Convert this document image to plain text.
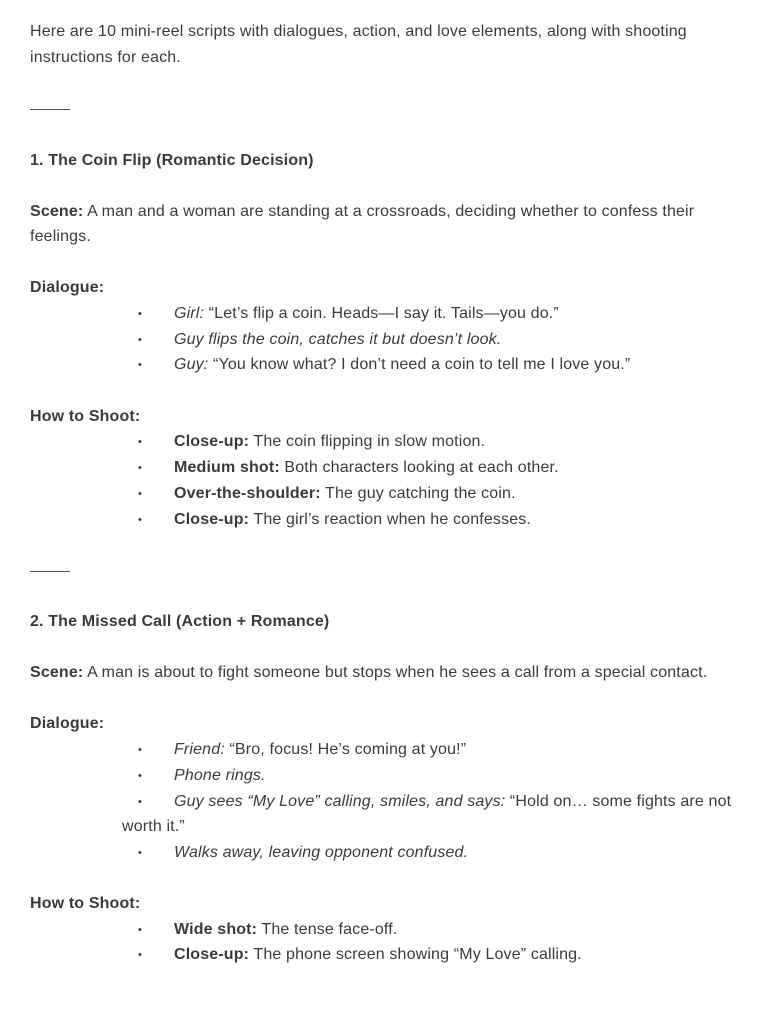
Here are 10 mini-reel scripts with dialogues, action, and love elements, along with shooting
instructions for each.
1. The Coin Flip (Romantic Decision)
Scene: A man and a woman are standing at a crossroads, deciding whether to confess their
feelings.
Dialogue:
• Girl: “Let’s flip a coin. Heads—I say it. Tails—you do.”
• Guy flips the coin, catches it but doesn’t look.
• Guy: “You know what? I don’t need a coin to tell me I love you.”
How to Shoot:
• Close-up: The coin flipping in slow motion.
• Medium shot: Both characters looking at each other.
• Over-the-shoulder: The guy catching the coin.
• Close-up: The girl’s reaction when he confesses.
2. The Missed Call (Action + Romance)
Scene: A man is about to fight someone but stops when he sees a call from a special contact.
Dialogue:
• Friend: “Bro, focus! He’s coming at you!”
• Phone rings.
• Guy sees “My Love” calling, smiles, and says: “Hold on… some fights are not
worth it.”
• Walks away, leaving opponent confused.
How to Shoot:
• Wide shot: The tense face-off.
• Close-up: The phone screen showing “My Love” calling.
